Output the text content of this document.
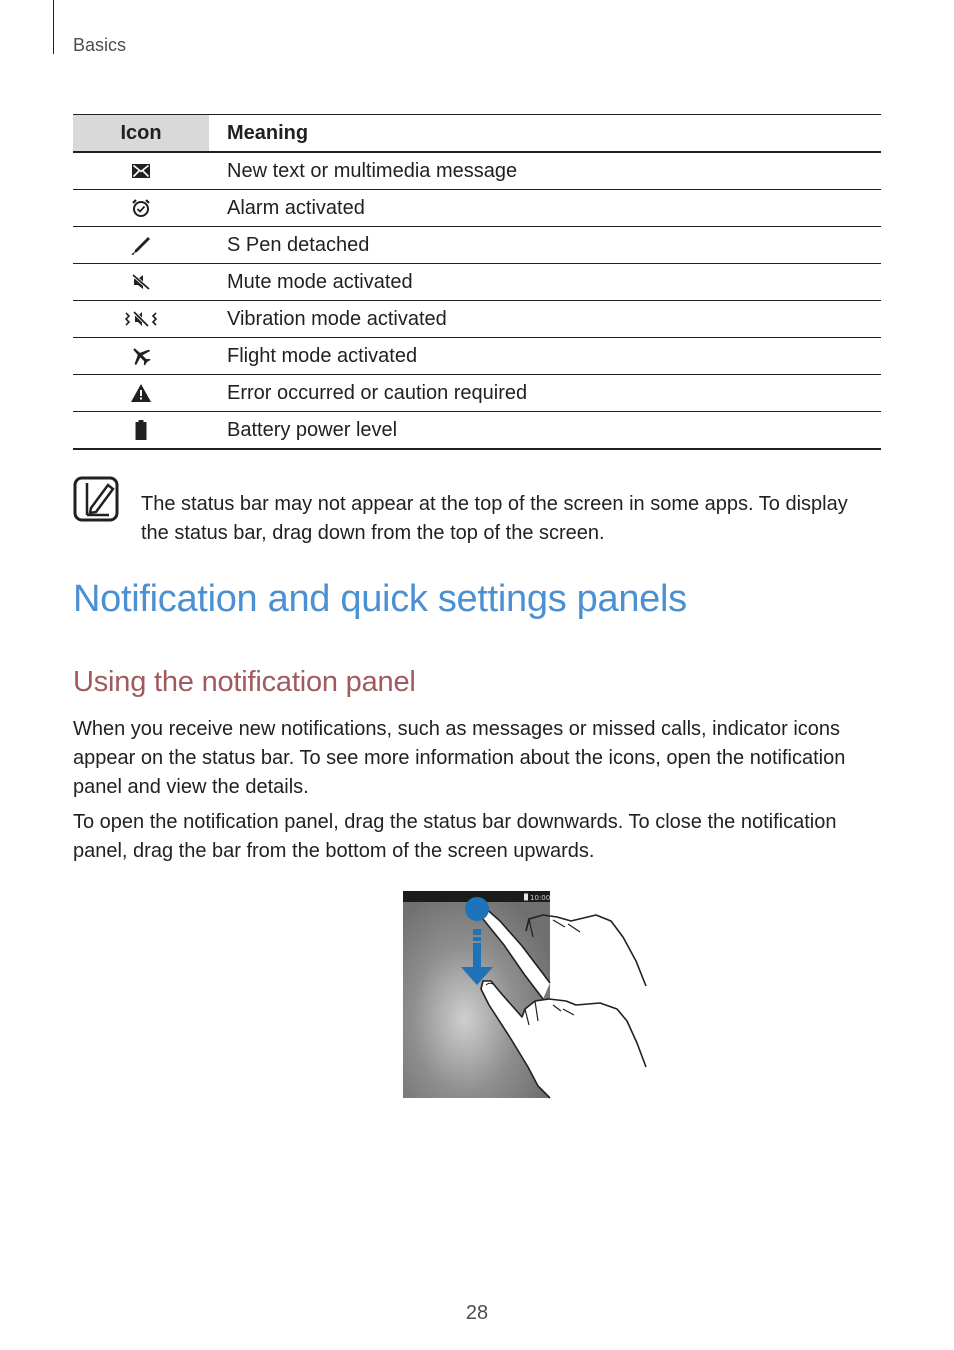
Basics
Icon	Meaning

	New text or multimedia message

	Alarm activated

	S Pen detached

	Mute mode activated

	Vibration mode activated

	Flight mode activated

	Error occurred or caution required

	Battery power level

The status bar may not appear at the top of the screen in some apps. To display the status bar, drag down from the top of the screen.

Notification and quick settings panels
Using the notification panel

When you receive new notifications, such as messages or missed calls, indicator icons appear on the status bar. To see more information about the icons, open the notification panel and view the details.

To open the notification panel, drag the status bar downwards. To close the notification panel, drag the bar from the bottom of the screen upwards.

10:00
28
